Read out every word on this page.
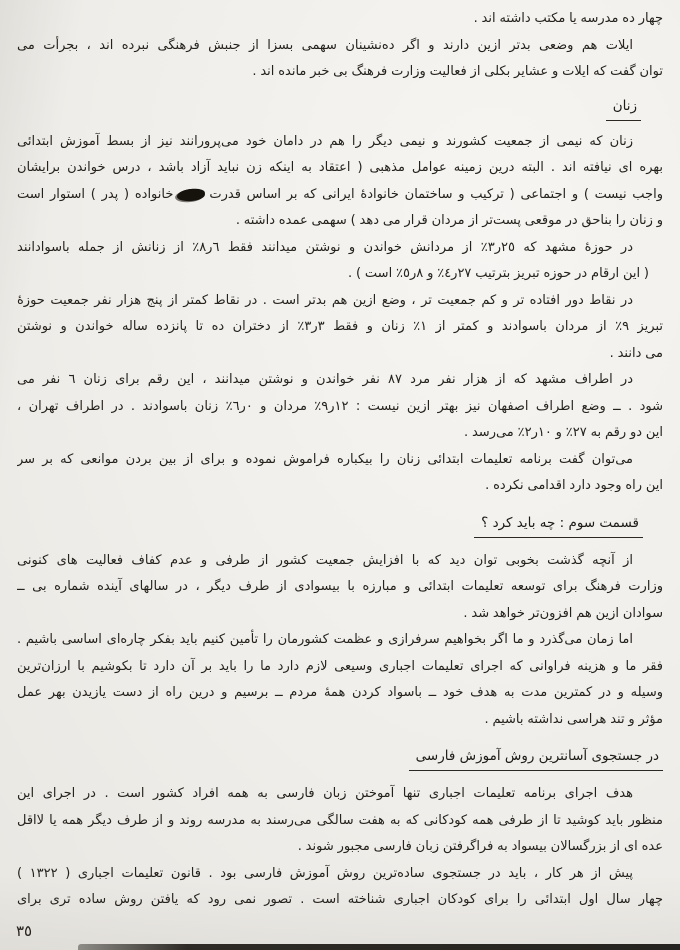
چهار ده مدرسه یا مکتب داشته اند .
ایلات هم وضعی بدتر ازین دارند و اگر ده‌نشینان سهمی بسزا از جنبش فرهنگی نبرده اند ، بجرأت می
توان گفت که ایلات و عشایر بکلی از فعالیت وزارت فرهنگ بی خبر مانده اند .
زنان
زنان که نیمی از جمعیت کشورند و نیمی دیگر را هم در دامان خود می‌پرورانند نیز از بسط آموزش ابتدائی
بهره ای نیافته اند . البته درین زمینه عوامل مذهبی ( اعتقاد به اینکه زن نباید آزاد باشد ، درس خواندن برایشان
واجب نیست ) و اجتماعی ( ترکیب و ساختمان خانوادهٔ ایرانی که بر اساس قدرتخانواده ( پدر ) استوار است
و زنان را بناحق در موقعی پست‌تر از مردان قرار می دهد ) سهمی عمده داشته .
در حوزهٔ مشهد که ٢٥ر٣٪ از مردانش خواندن و نوشتن میدانند فقط ٦ر٨٪ از زنانش از جمله باسوادانند
( این ارقام در حوزه تبریز بترتیب ٢٧ر٤٪ و ٨ر٥٪ است ) .
در نقاط دور افتاده تر و کم جمعیت تر ، وضع ازین هم بدتر است . در نقاط کمتر از پنج هزار نفر جمعیت حوزهٔ
تبریز ٩٪ از مردان باسوادند و کمتر از ١٪ زنان و فقط ٣ر٣٪ از دختران ده تا پانزده ساله خواندن و نوشتن
می دانند .
در اطراف مشهد که از هزار نفر مرد ٨٧ نفر خواندن و نوشتن میدانند ، این رقم برای زنان ٦ نفر می
شود . ــ وضع اطراف اصفهان نیز بهتر ازین نیست : ١٢ر٩٪ مردان و ٠ر٦٪ زنان باسوادند . در اطراف تهران ،
این دو رقم به ٢٧٪ و ١٠ر٢٪ می‌رسد .
می‌توان گفت برنامه تعلیمات ابتدائی زنان را بیکباره فراموش نموده و برای از بین بردن موانعی که بر سر
این راه وجود دارد اقدامی نکرده .
قسمت سوم : چه باید کرد ؟
از آنچه گذشت بخوبی توان دید که با افزایش جمعیت کشور از طرفی و عدم کفاف فعالیت های کنونی
وزارت فرهنگ برای توسعه تعلیمات ابتدائی و مبارزه با بیسوادی از طرف دیگر ، در سالهای آینده شماره بی ــ
سوادان ازین هم افزون‌تر خواهد شد .
اما زمان می‌گذرد و ما اگر بخواهیم سرفرازی و عظمت کشورمان را تأمین کنیم باید بفکر چاره‌ای اساسی باشیم .
فقر ما و هزینه فراوانی که اجرای تعلیمات اجباری وسیعی لازم دارد ما را باید بر آن دارد تا بکوشیم با ارزان‌ترین
وسیله و در کمترین مدت به هدف خود ــ باسواد کردن همهٔ مردم ــ برسیم و درین راه از دست یازیدن بهر عمل
مؤثر و تند هراسی نداشته باشیم .
در جستجوی آسانترین روش آموزش فارسی
هدف اجرای برنامه تعلیمات اجباری تنها آموختن زبان فارسی به همه افراد کشور است . در اجرای این
منظور باید کوشید تا از طرفی همه کودکانی که به هفت سالگی می‌رسند به مدرسه روند و از طرف دیگر همه یا لااقل
عده ای از بزرگسالان بیسواد به فراگرفتن زبان فارسی مجبور شوند .
پیش از هر کار ، باید در جستجوی ساده‌ترین روش آموزش فارسی بود . قانون تعلیمات اجباری ( ١٣٢٢ )
چهار سال اول ابتدائی را برای کودکان اجباری شناخته است . تصور نمی رود که یافتن روش ساده تری برای
٣٥
